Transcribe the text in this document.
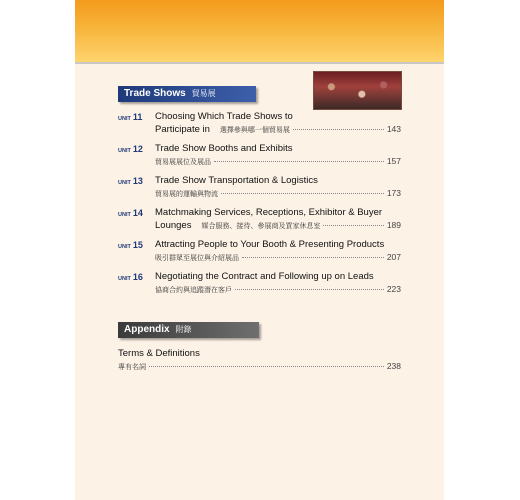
Trade Shows 貿易展
UNIT 11 Choosing Which Trade Shows to
Participate in 選擇參與哪一個貿易展	143
UNIT 12 Trade Show Booths and Exhibits
貿易展展位及展品	157
UNIT 13 Trade Show Transportation & Logistics
貿易展的運輸與物流	173
UNIT 14 Matchmaking Services, Receptions, Exhibitor & Buyer
Lounges 媒合服務、接待、參展商及買家休息室	189
UNIT 15 Attracting People to Your Booth & Presenting Products
吸引群眾至展位與介紹展品	207
UNIT 16 Negotiating the Contract and Following up on Leads
協商合約與追蹤潛在客戶	223
Appendix 附錄
Terms & Definitions
專有名詞	238
